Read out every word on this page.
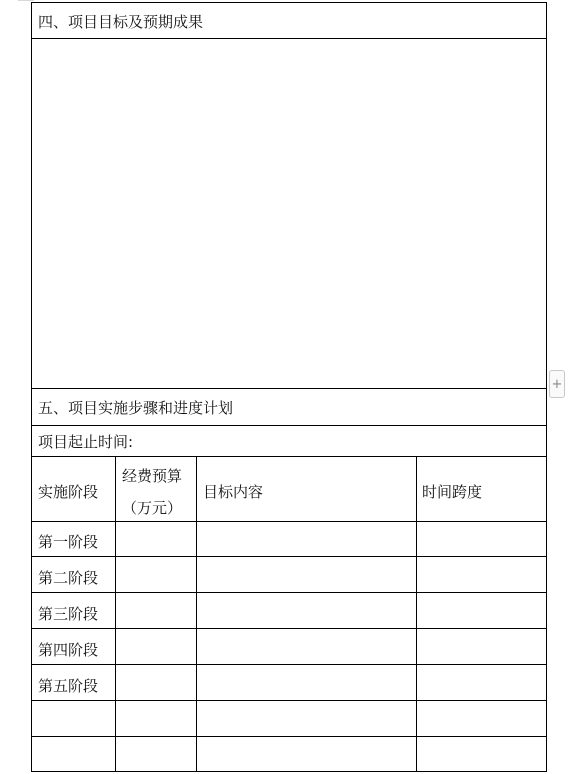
四、项目目标及预期成果
五、项目实施步骤和进度计划
项目起止时间:
实施阶段
经费预算
（万元）
目标内容	时间跨度
第一阶段
第二阶段
第三阶段
第四阶段
第五阶段
+
